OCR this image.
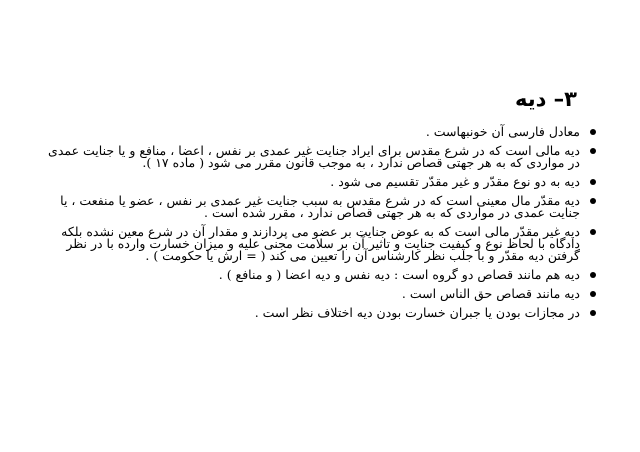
۳– دیه
معادل فارسی آن خونبهاست .
دیه مالی است که در شرع مقدس برای ایراد جنایت غیر عمدی بر نفس ، اعضا ، منافع و یا جنایت عمدی در مواردی که به هر جهتی قصاص ندارد ، به موجب قانون مقرر می شود ( ماده ۱۷ ).
دیه به دو نوع مقدّر و غیر مقدّر تقسیم می شود .
دیه مقدّر مال معینی است که در شرع مقدس به سبب جنایت غیر عمدی بر نفس ، عضو یا منفعت ، یا جنایت عمدی در مواردی که به هر جهتی قصاص ندارد ، مقرر شده است .
دیه غیر مقدّر مالی است که به عوض جنایت بر عضو می پردازند و مقدار آن در شرع معین نشده بلکه دادگاه با لحاظ نوع و کیفیت جنایت و تاثیر آن بر سلامت مجنی علیه و میزان خسارت وارده با در نظر گرفتن دیه مقدّر و با جلب نظر کارشناس آن را تعیین می کند ( = ارش یا حکومت ) .
دیه هم مانند قصاص دو گروه است : دیه نفس و دیه اعضا ( و منافع ) .
دیه مانند قصاص حق الناس است .
در مجازات بودن یا جبران خسارت بودن دیه اختلاف نظر است .
